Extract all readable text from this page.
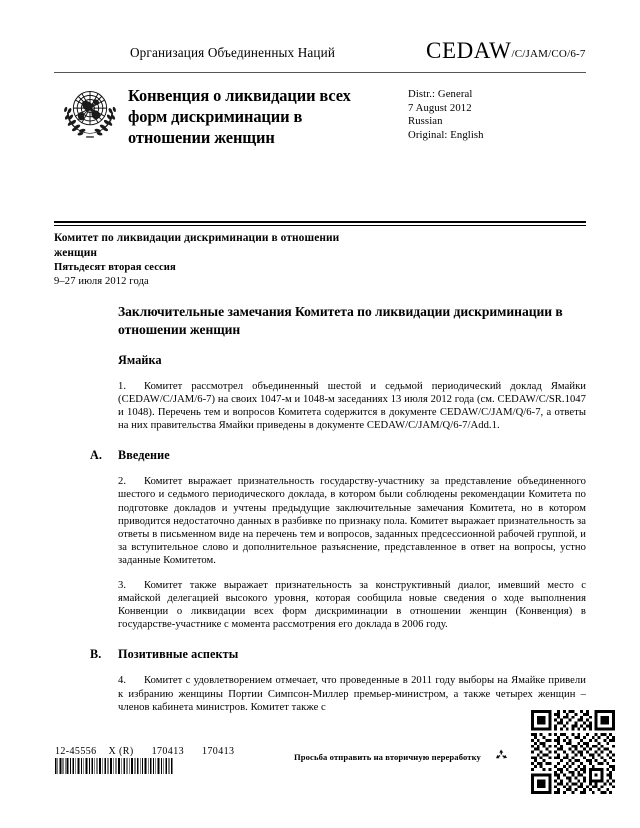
Организация Объединенных Наций	CEDAW/C/JAM/CO/6-7
Конвенция о ликвидации всех форм дискриминации в отношении женщин
Distr.: General
7 August 2012
Russian
Original: English
Комитет по ликвидации дискриминации в отношении женщин
Пятьдесят вторая сессия
9–27 июля 2012 года
Заключительные замечания Комитета по ликвидации дискриминации в отношении женщин
Ямайка
1. Комитет рассмотрел объединенный шестой и седьмой периодический доклад Ямайки (CEDAW/C/JAM/6-7) на своих 1047-м и 1048-м заседаниях 13 июля 2012 года (см. CEDAW/C/SR.1047 и 1048). Перечень тем и вопросов Комитета содержится в документе CEDAW/C/JAM/Q/6-7, а ответы на них правительства Ямайки приведены в документе CEDAW/C/JAM/Q/6-7/Add.1.
A. Введение
2. Комитет выражает признательность государству-участнику за представление объединенного шестого и седьмого периодического доклада, в котором были соблюдены рекомендации Комитета по подготовке докладов и учтены предыдущие заключительные замечания Комитета, но в котором приводится недостаточно данных в разбивке по признаку пола. Комитет выражает признательность за ответы в письменном виде на перечень тем и вопросов, заданных предсессионной рабочей группой, и за вступительное слово и дополнительное разъяснение, представленное в ответ на вопросы, устно заданные Комитетом.
3. Комитет также выражает признательность за конструктивный диалог, имевший место с ямайской делегацией высокого уровня, которая сообщила новые сведения о ходе выполнения Конвенции о ликвидации всех форм дискриминации в отношении женщин (Конвенция) в государстве-участнике с момента рассмотрения его доклада в 2006 году.
B. Позитивные аспекты
4. Комитет с удовлетворением отмечает, что проведенные в 2011 году выборы на Ямайке привели к избранию женщины Портии Симпсон-Миллер премьер-министром, а также четырех женщин – членов кабинета министров. Комитет также с
12-45556 X (R) 170413 170413	Просьба отправить на вторичную переработку
